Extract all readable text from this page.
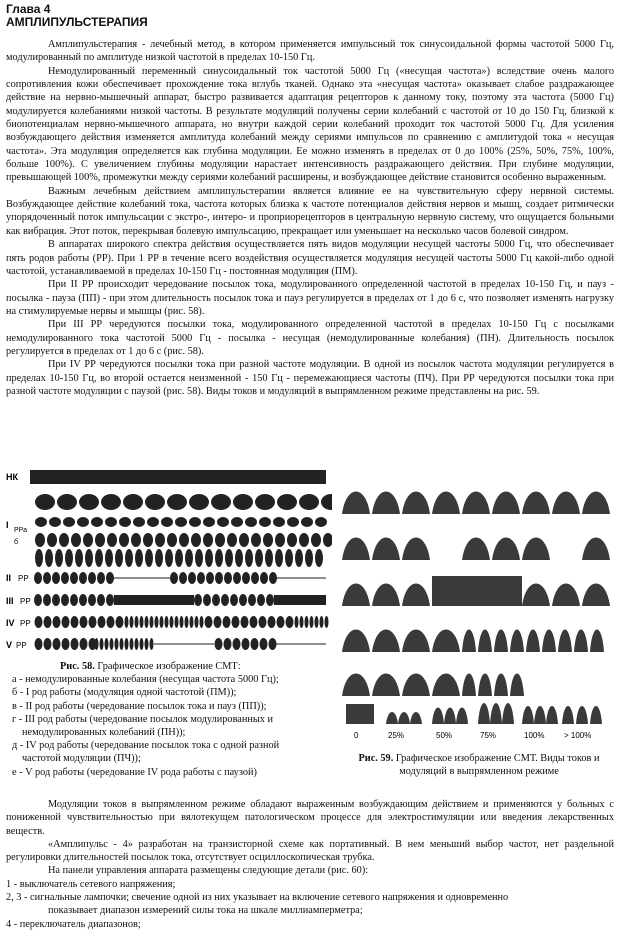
Глава 4
АМПЛИПУЛЬСТЕРАПИЯ

Амплипульстерапия - лечебный метод, в котором применяется импульсный ток синусоидальной формы частотой 5000 Гц, модулированный по амплитуде низкой частотой в пределах 10-150 Гц.

Немодулированный переменный синусоидальный ток частотой 5000 Гц («несущая частота») вследствие очень малого сопротивления кожи обеспечивает прохождение тока вглубь тканей. Однако эта «несущая частота» оказывает слабое раздражающее действие на нервно-мышечный аппарат, быстро развивается адаптация рецепторов к данному току, поэтому эта частота (5000 Гц) модулируется колебаниями низкой частоты. В результате модуляций получены серии колебаний с частотой от 10 до 150 Гц, близкой к биопотенциалам нервно-мышечного аппарата, но внутри каждой серии колебаний проходит ток частотой 5000 Гц. Для усиления возбуждающего действия изменяется амплитуда колебаний между сериями импульсов по сравнению с амплитудой тока « несущая частота». Эта модуляция определяется как глубина модуляции. Ее можно изменять в пределах от 0 до 100% (25%, 50%, 75%, 100%, больше 100%). С увеличением глубины модуляции нарастает интенсивность раздражающего действия. При глубине модуляции, превышающей 100%, промежутки между сериями колебаний расширены, и возбуждающее действие становится особенно выраженным.

Важным лечебным действием амплипульстерапии является влияние ее на чувствительную сферу нервной системы. Возбуждающее действие колебаний тока, частота которых близка к частоте потенциалов действия нервов и мышц, создает ритмически упорядоченный поток импульсации с экстро-, интеро- и проприорецепторов в центральную нервную систему, что ощущается больными как вибрация. Этот поток, перекрывая болевую импульсацию, прекращает или уменьшает на несколько часов болевой синдром.

В аппаратах широкого спектра действия осуществляется пять видов модуляции несущей частоты 5000 Гц, что обеспечивает пять родов работы (РР). При 1 РР в течение всего воздействия осуществляется модуляция несущей частоты 5000 Гц какой-либо одной частотой, устанавливаемой в пределах 10-150 Гц - постоянная модуляция (ПМ).

При II РР происходит чередование посылок тока, модулированного определенной частотой в пределах 10-150 Гц, и пауз - посылка - пауза (ПП) - при этом длительность посылок тока и пауз регулируется в пределах от 1 до 6 с, что позволяет изменять нагрузку на стимулируемые нервы и мышцы (рис. 58).

При III РР чередуются посылки тока, модулированного определенной частотой в пределах 10-150 Гц с посылками немодулированного тока частотой 5000 Гц - посылка - несущая (немодулированные колебания) (ПН). Длительность посылок регулируется в пределах от 1 до 6 с (рис. 58).

При IV РР чередуются посылки тока при разной частоте модуляции. В одной из посылок частота модуляции регулируется в пределах 10-150 Гц, во второй остается неизменной - 150 Гц - перемежающиеся частоты (ПЧ). При РР чередуются посылки тока при разной частоте модуляции с паузой (рис. 58). Виды токов и модуляций в выпрямленном режиме представлены на рис. 59.

НК
I
РРа
б
II РР
III РР
IV РР
V РР
0	25%	50%	75%	100% > 100%
Рис. 58. Графическое изображение СМТ:
а - немодулированные колебания (несущая частота 5000 Гц);
б - I род работы (модуляция одной частотой (ПМ));
в - II род работы (чередование посылок тока и пауз (ПП));
г - III род работы (чередование посылок модулированных и
немодулированных колебаний (ПН));
д - IV род работы (чередование посылок тока с одной разной
частотой модуляции (ПЧ));
е - V род работы (чередование IV рода работы с паузой)
Рис. 59. Графическое изображение СМТ. Виды токов и модуляций в выпрямленном режиме

Модуляции токов в выпрямленном режиме обладают выраженным возбуждающим действием и применяются у больных с пониженной чувствительностью при вялотекущем патологическом процессе для электростимуляции или введения лекарственных веществ.

«Амплипульс - 4» разработан на транзисторной схеме как портативный. В нем меньший выбор частот, нет раздельной регулировки длительностей посылок тока, отсутствует осциллоскопическая трубка.

На панели управления аппарата размещены следующие детали (рис. 60):

1 - выключатель сетевого напряжения;

2, 3 - сигнальные лампочки; свечение одной из них указывает на включение сетевого напряжения и одновременно
показывает диапазон измерений силы тока на шкале миллиамперметра;

4 - переключатель диапазонов;
